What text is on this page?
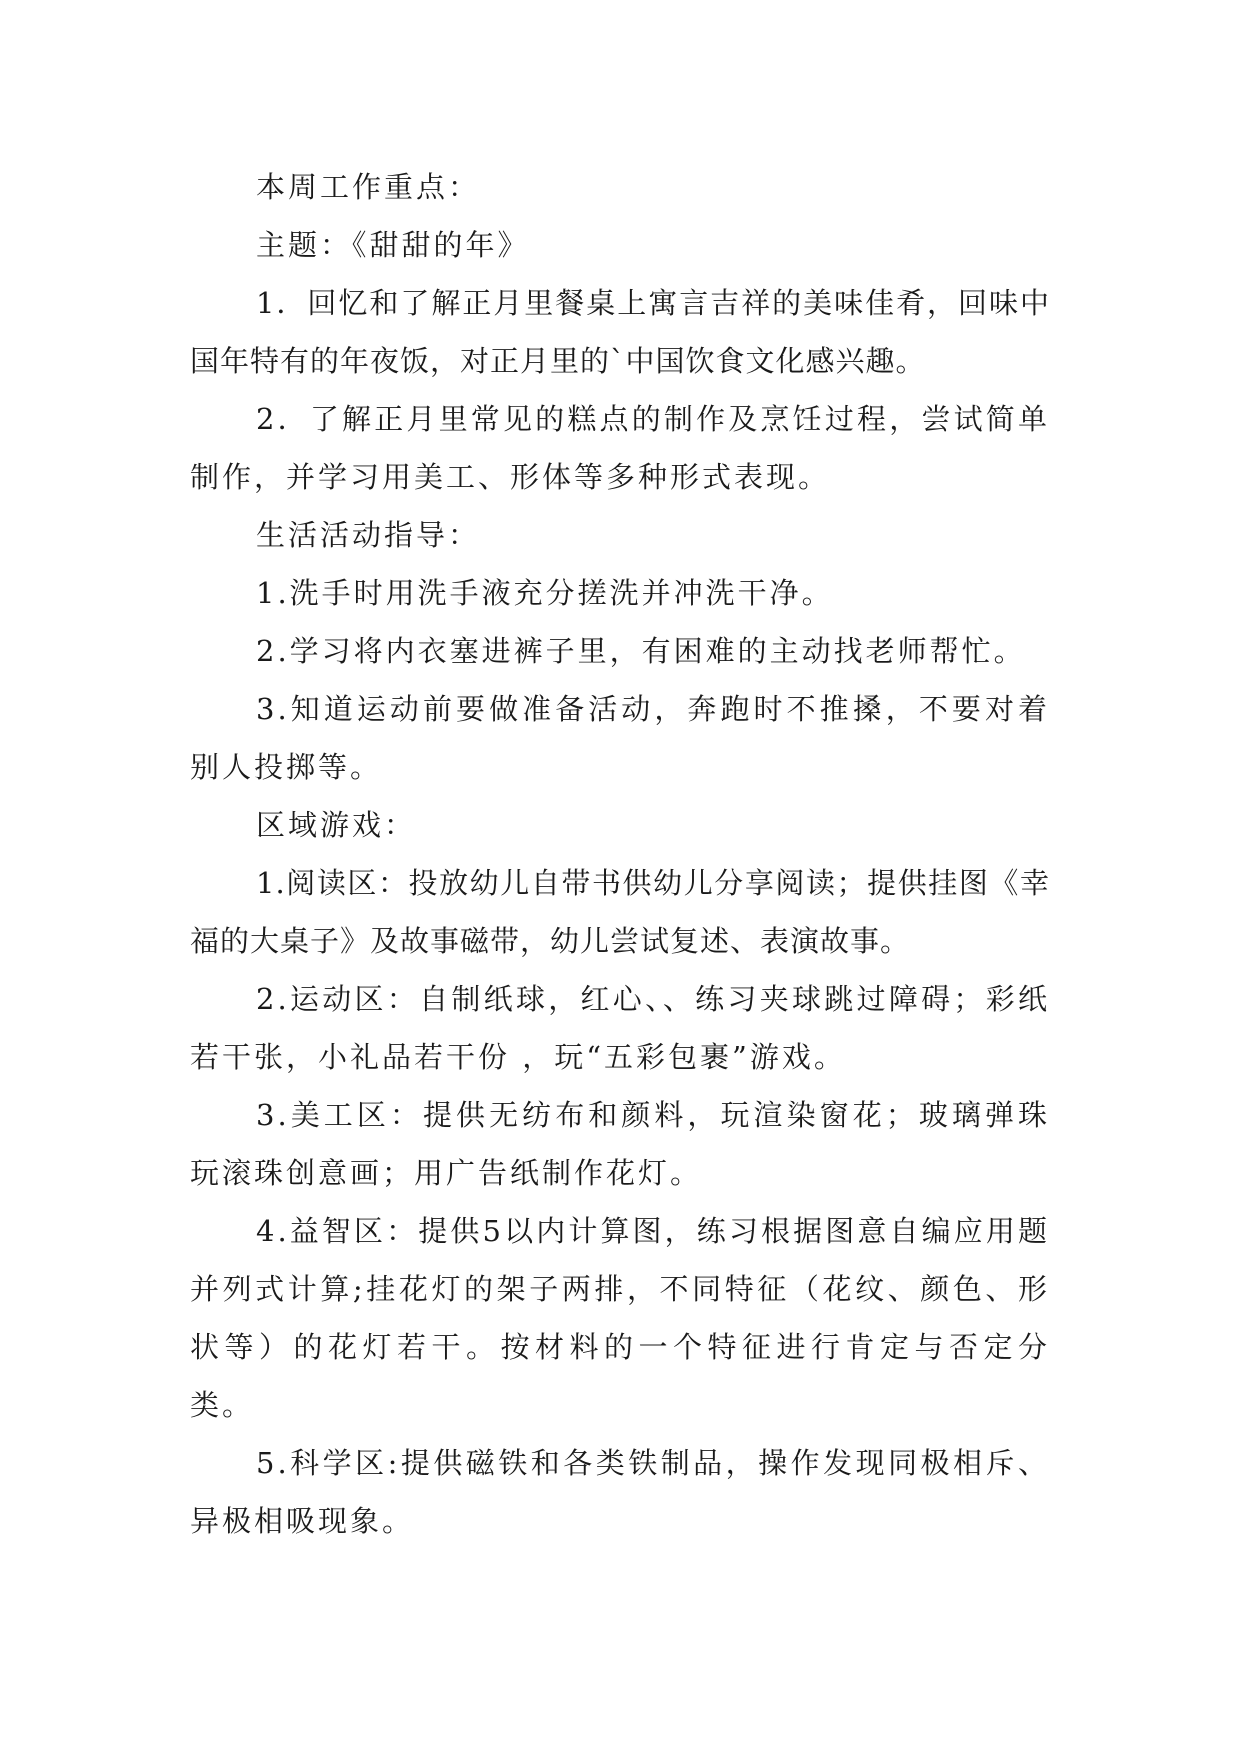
本周工作重点：

主题：《甜甜的年》

1．回忆和了解正月里餐桌上寓言吉祥的美味佳肴，回味中国年特有的年夜饭，对正月里的`中国饮食文化感兴趣。

2．了解正月里常见的糕点的制作及烹饪过程，尝试简单制作，并学习用美工、形体等多种形式表现。

生活活动指导：

1.洗手时用洗手液充分搓洗并冲洗干净。

2.学习将内衣塞进裤子里，有困难的主动找老师帮忙。

3.知道运动前要做准备活动，奔跑时不推搡，不要对着别人投掷等。

区域游戏：

1.阅读区：投放幼儿自带书供幼儿分享阅读；提供挂图《幸福的大桌子》及故事磁带，幼儿尝试复述、表演故事。

2.运动区：自制纸球，红心、、练习夹球跳过障碍；彩纸若干张，小礼品若干份 ，玩“五彩包裹”游戏。

3.美工区：提供无纺布和颜料，玩渲染窗花；玻璃弹珠玩滚珠创意画；用广告纸制作花灯。

4.益智区：提供5以内计算图，练习根据图意自编应用题并列式计算;挂花灯的架子两排，不同特征（花纹、颜色、形状等）的花灯若干。按材料的一个特征进行肯定与否定分类。

5.科学区:提供磁铁和各类铁制品，操作发现同极相斥、异极相吸现象。
